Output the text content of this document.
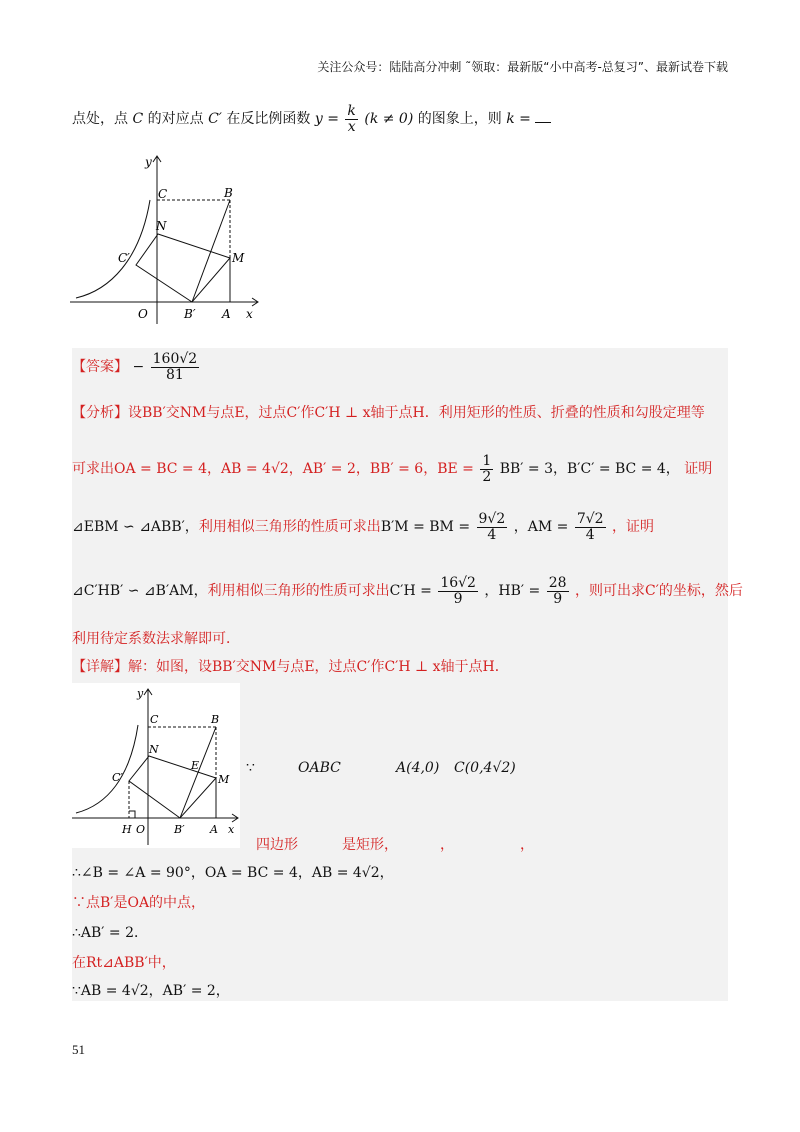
关注公众号：陆陆高分冲刺 ˜领取：最新版“小中高考-总复习”、最新试卷下载
点处，点 C 的对应点 C′ 在反比例函数 $y = \frac{k}{x} (k \ne 0)$ 的图象上，则 k =
y
x
O
C	B
N
C′	M
B′ A
【答案】 − $\frac{160√2}{81}$
【分析】设BB′交NM与点E，过点C′作C′H ⊥ x轴于点H．利用矩形的性质、折叠的性质和勾股定理等
可求出OA = BC = 4，AB = 4√2，AB′ = 2，BB′ = 6，BE = $\frac{1}{2} BB' = 3$，B′C′ = BC = 4， 证明
⊿EBM ∽ ⊿ABB′，利用相似三角形的性质可求出B′M = BM = $\frac{9√2}{4}$ ，AM = $\frac{7√2}{4}$ ，证明
⊿C′HB′ ∽ ⊿B′AM，利用相似三角形的性质可求出$C'H = \frac{16√2}{9}$ ，$HB' = \frac{28}{9}$ ，则可出求C′的坐标，然后
利用待定系数法求解即可．
【详解】解：如图，设BB′交NM与点E，过点C′作C′H ⊥ x轴于点H．
y
x
O
C	B
N
E
C′	M
H	B′ A
∵	OABC	A(4,0) C(0,4√2)
四边形	是矩形，	，	，
∴∠B = ∠A = 90°，OA = BC = 4，AB = 4√2，
∵点B′是OA的中点，
∴AB′ = 2．
在Rt⊿ABB′中，
∵AB = 4√2，AB′ = 2，
51
